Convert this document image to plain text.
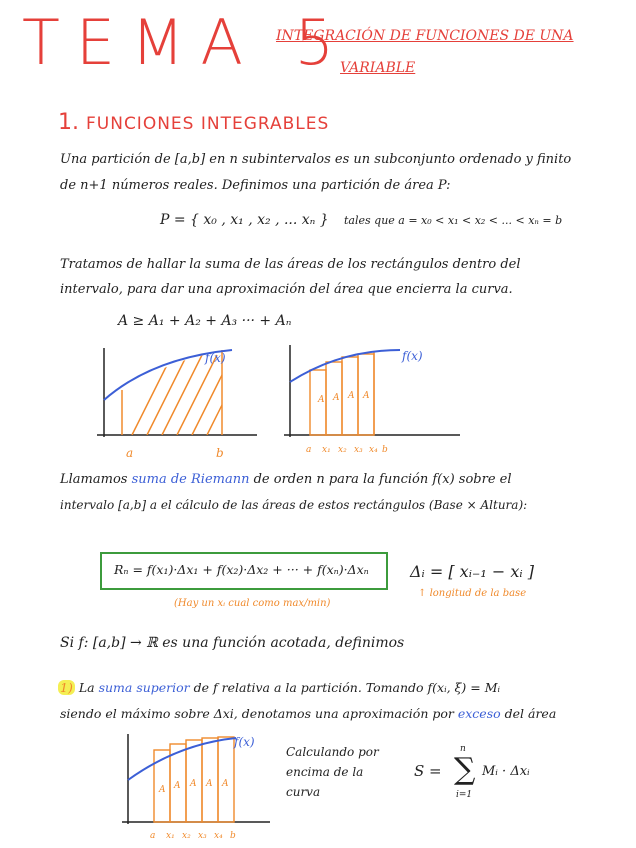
TEMA 5
INTEGRACIÓN DE FUNCIONES DE UNA
VARIABLE
1. FUNCIONES INTEGRABLES
Una partición de [a,b] en n subintervalos es un subconjunto ordenado y finito
de n+1 números reales. Definimos una partición de área P:
P = { x₀ , x₁ , x₂ , ... xₙ } tales que a = x₀ < x₁ < x₂ < ... < xₙ = b
Tratamos de hallar la suma de las áreas de los rectángulos dentro del
intervalo, para dar una aproximación del área que encierra la curva.
A ≥ A₁ + A₂ + A₃ ··· + Aₙ
f(x)
a	b
f(x)
A A A A
a x₁ x₂ x₃ x₄ b
Llamamos suma de Riemann de orden n para la función f(x) sobre el
intervalo [a,b] a el cálculo de las áreas de estos rectángulos (Base × Altura):
Rₙ = f(x₁)·Δx₁ + f(x₂)·Δx₂ + ··· + f(xₙ)·Δxₙ	Δᵢ = [ xᵢ₋₁ − xᵢ ]
↑ longitud de la base
(Hay un xᵢ cual como max/min)
Si f: [a,b] → ℝ es una función acotada, definimos
1) La suma superior de f relativa a la partición. Tomando f(xᵢ, ξ) = Mᵢ
siendo el máximo sobre Δxi, denotamos una aproximación por exceso del área
f(x)
A A A A A
a x₁ x₂ x₃ x₄ b
Calculando por
encima de la
curva
S =
n
∑
i=1
Mᵢ · Δxᵢ
